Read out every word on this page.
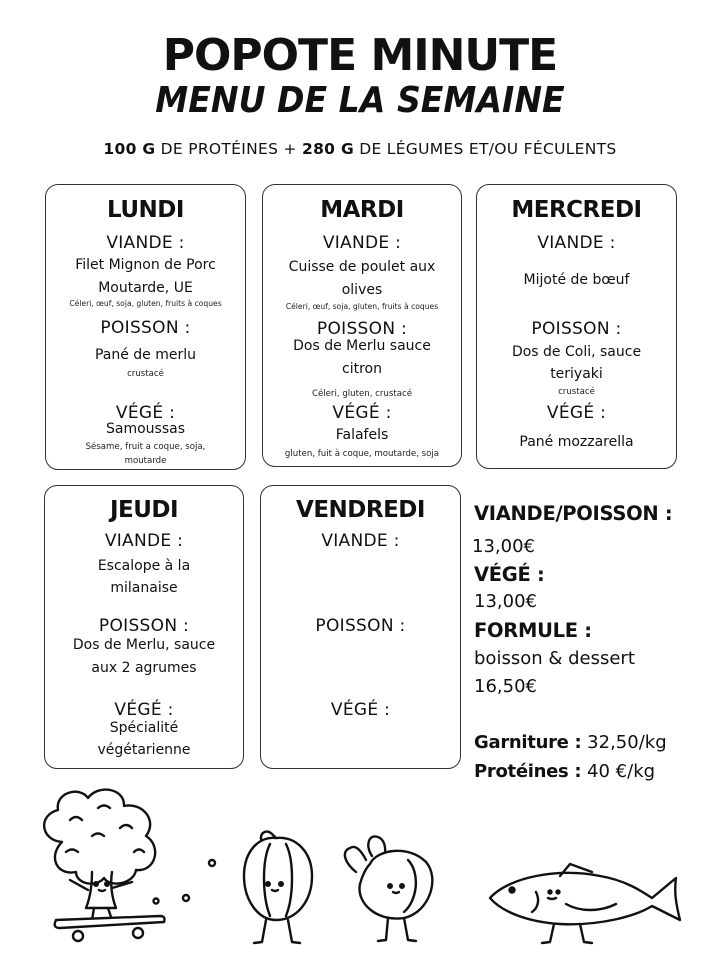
POPOTE MINUTE
MENU DE LA SEMAINE
100 G DE PROTÉINES + 280 G DE LÉGUMES ET/OU FÉCULENTS
LUNDI
VIANDE :
Filet Mignon de Porc
Moutarde, UE
Céleri, œuf, soja, gluten, fruits à coques
POISSON :
Pané de merlu
crustacé
VÉGÉ :
Samoussas
Sésame, fruit a coque, soja,
moutarde
MARDI
VIANDE :
Cuisse de poulet aux
olives
Céleri, œuf, soja, gluten, fruits à coques
POISSON :
Dos de Merlu sauce
citron
Céleri, gluten, crustacé
VÉGÉ :
Falafels
gluten, fuit à coque, moutarde, soja
MERCREDI
VIANDE :
Mijoté de bœuf
POISSON :
Dos de Coli, sauce
teriyaki
crustacé
VÉGÉ :
Pané mozzarella
JEUDI
VIANDE :
Escalope à la
milanaise
POISSON :
Dos de Merlu, sauce
aux 2 agrumes
VÉGÉ :
Spécialité
végétarienne
VENDREDI
VIANDE :
POISSON :
VÉGÉ :
VIANDE/POISSON :
13,00€
VÉGÉ :
13,00€
FORMULE :
boisson & dessert
16,50€
Garniture : 32,50/kg
Protéines : 40 €/kg
